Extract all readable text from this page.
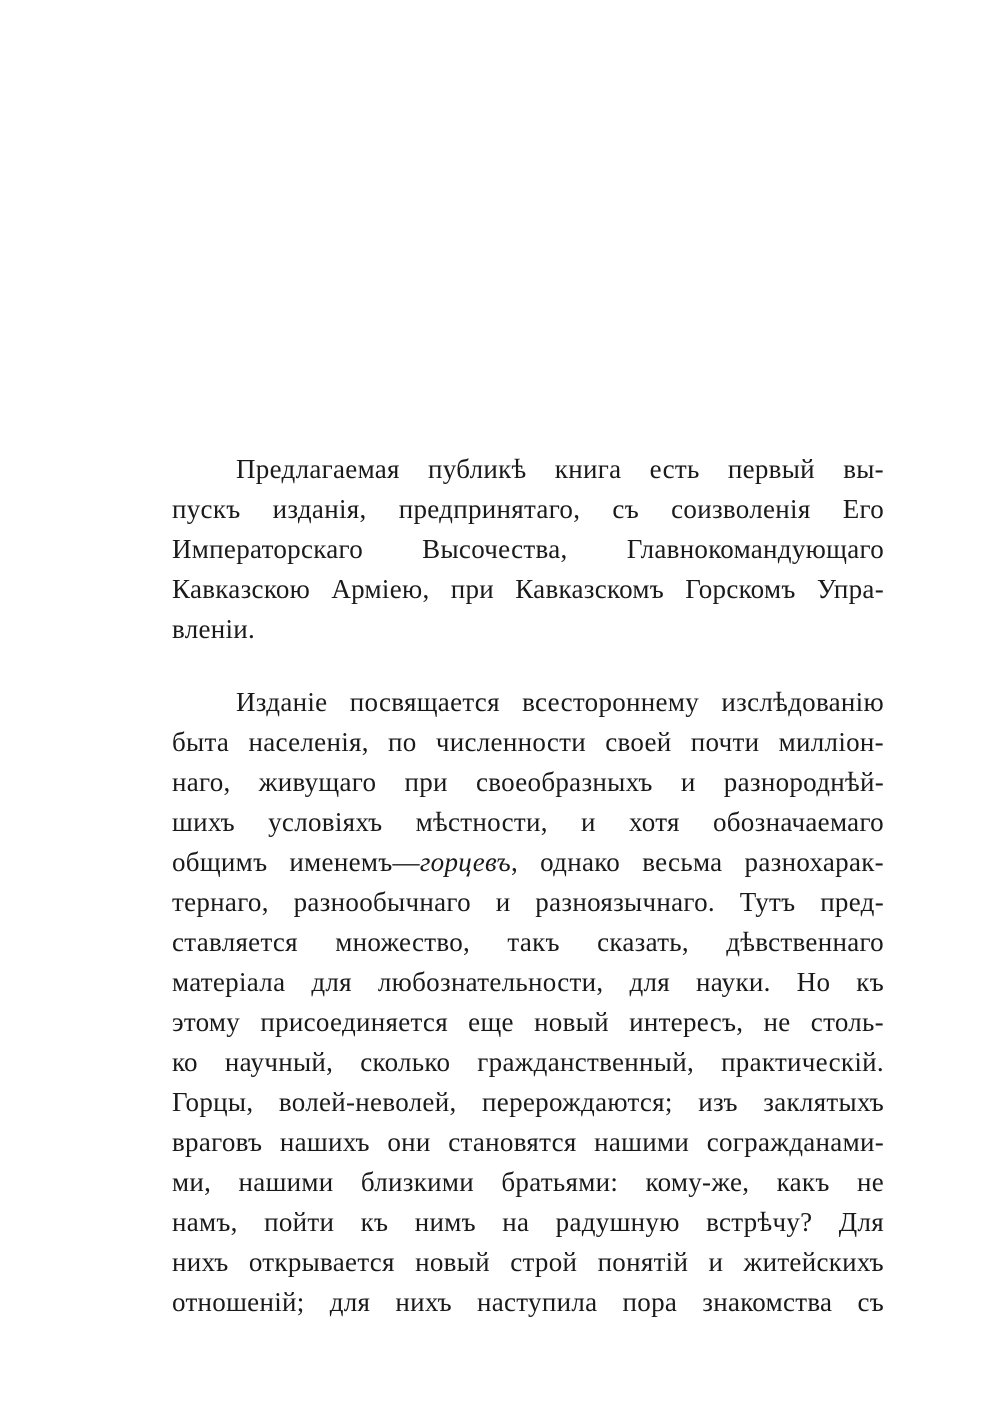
Предлагаемая публикѣ книга есть первый вы-
пускъ изданія, предпринятаго, съ соизволенія Его
Императорскаго Высочества, Главнокомандующаго
Кавказскою Арміею, при Кавказскомъ Горскомъ Упра-
вленіи.
Изданіе посвящается всестороннему изслѣдованію
быта населенія, по численности своей почти милліон-
наго, живущаго при своеобразныхъ и разнороднѣй-
шихъ условіяхъ мѣстности, и хотя обозначаемаго
общимъ именемъ—горцевъ, однако весьма разнохарак-
тернаго, разнообычнаго и разноязычнаго. Тутъ пред-
ставляется множество, такъ сказать, дѣвственнаго
матеріала для любознательности, для науки. Но къ
этому присоединяется еще новый интересъ, не столь-
ко научный, сколько гражданственный, практическій.
Горцы, волей-неволей, перерождаются; изъ заклятыхъ
враговъ нашихъ они становятся нашими согражданами-
ми, нашими близкими братьями: кому-же, какъ не
намъ, пойти къ нимъ на радушную встрѣчу? Для
нихъ открывается новый строй понятій и житейскихъ
отношеній; для нихъ наступила пора знакомства съ
